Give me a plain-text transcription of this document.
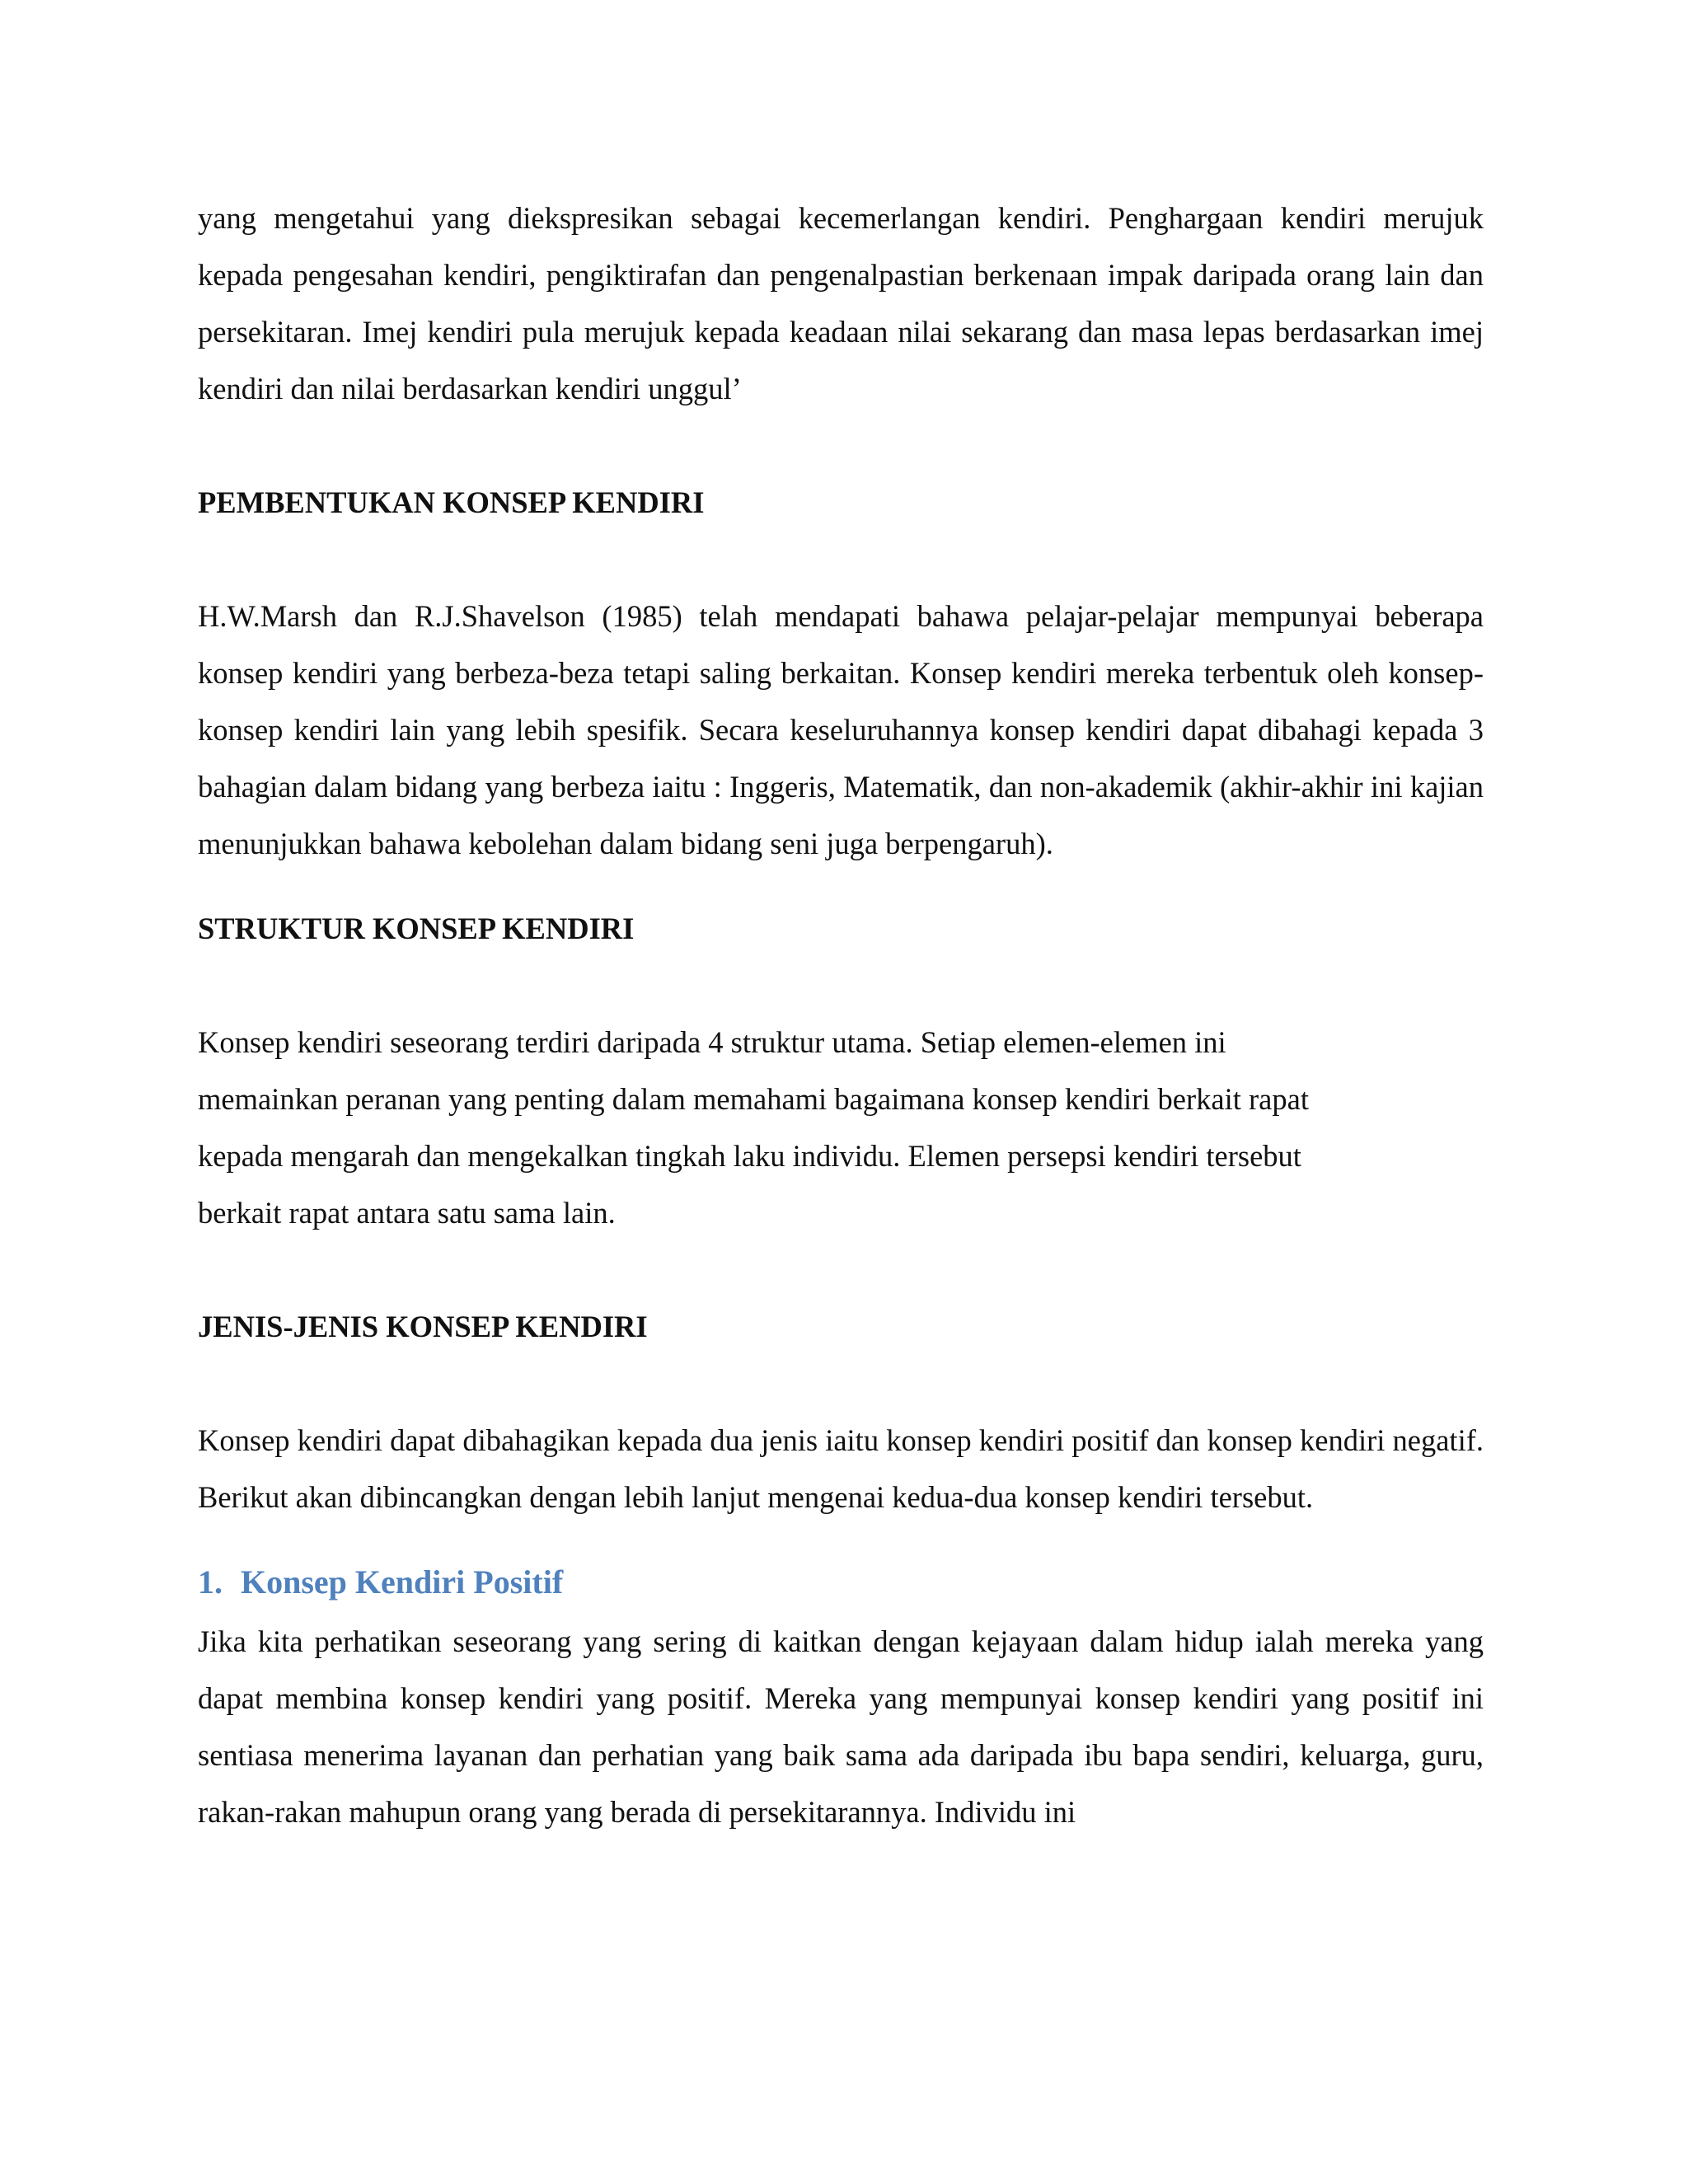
yang mengetahui yang diekspresikan sebagai kecemerlangan kendiri. Penghargaan kendiri merujuk kepada pengesahan kendiri, pengiktirafan dan pengenalpastian berkenaan impak daripada orang lain dan persekitaran. Imej kendiri pula merujuk kepada keadaan nilai sekarang dan masa lepas berdasarkan imej kendiri dan nilai berdasarkan kendiri unggul’

PEMBENTUKAN KONSEP KENDIRI

H.W.Marsh dan R.J.Shavelson (1985) telah mendapati bahawa pelajar-pelajar mempunyai beberapa konsep kendiri yang berbeza-beza tetapi saling berkaitan. Konsep kendiri mereka terbentuk oleh konsep-konsep kendiri lain yang lebih spesifik. Secara keseluruhannya konsep kendiri dapat dibahagi kepada 3 bahagian dalam bidang yang berbeza iaitu : Inggeris, Matematik, dan non-akademik (akhir-akhir ini kajian menunjukkan bahawa kebolehan dalam bidang seni juga berpengaruh).

STRUKTUR KONSEP KENDIRI
Konsep kendiri seseorang terdiri daripada 4 struktur utama. Setiap elemen-elemen ini
memainkan peranan yang penting dalam memahami bagaimana konsep kendiri berkait rapat
kepada mengarah dan mengekalkan tingkah laku individu. Elemen persepsi kendiri tersebut
berkait rapat antara satu sama lain.
JENIS-JENIS KONSEP KENDIRI

Konsep kendiri dapat dibahagikan kepada dua jenis iaitu konsep kendiri positif dan konsep kendiri negatif. Berikut akan dibincangkan dengan lebih lanjut mengenai kedua-dua konsep kendiri tersebut.

1. Konsep Kendiri Positif

Jika kita perhatikan seseorang yang sering di kaitkan dengan kejayaan dalam hidup ialah mereka yang dapat membina konsep kendiri yang positif. Mereka yang mempunyai konsep kendiri yang positif ini sentiasa menerima layanan dan perhatian yang baik sama ada daripada ibu bapa sendiri, keluarga, guru, rakan-rakan mahupun orang yang berada di persekitarannya. Individu ini
